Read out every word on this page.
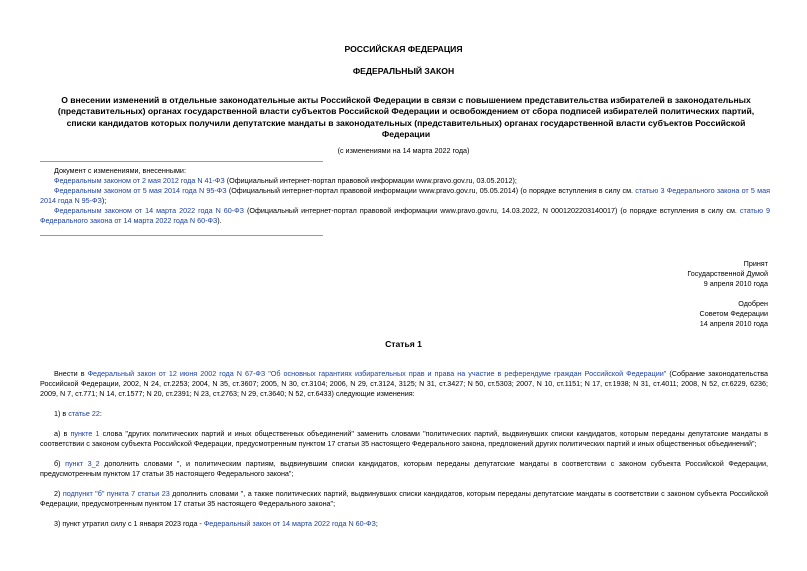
РОССИЙСКАЯ ФЕДЕРАЦИЯ
ФЕДЕРАЛЬНЫЙ ЗАКОН
О внесении изменений в отдельные законодательные акты Российской Федерации в связи с повышением представительства избирателей в законодательных (представительных) органах государственной власти субъектов Российской Федерации и освобождением от сбора подписей избирателей политических партий, списки кандидатов которых получили депутатские мандаты в законодательных (представительных) органах государственной власти субъектов Российской Федерации
(с изменениями на 14 марта 2022 года)

Документ с изменениями, внесенными:

Федеральным законом от 2 мая 2012 года N 41-ФЗ (Официальный интернет-портал правовой информации www.pravo.gov.ru, 03.05.2012);

Федеральным законом от 5 мая 2014 года N 95-ФЗ (Официальный интернет-портал правовой информации www.pravo.gov.ru, 05.05.2014) (о порядке вступления в силу см. статью 3 Федерального закона от 5 мая 2014 года N 95-ФЗ);

Федеральным законом от 14 марта 2022 года N 60-ФЗ (Официальный интернет-портал правовой информации www.pravo.gov.ru, 14.03.2022, N 0001202203140017) (о порядке вступления в силу см. статью 9 Федерального закона от 14 марта 2022 года N 60-ФЗ).

Принят
Государственной Думой
9 апреля 2010 года
Одобрен
Советом Федерации
14 апреля 2010 года
Статья 1

Внести в Федеральный закон от 12 июня 2002 года N 67-ФЗ "Об основных гарантиях избирательных прав и права на участие в референдуме граждан Российской Федерации" (Собрание законодательства Российской Федерации, 2002, N 24, ст.2253; 2004, N 35, ст.3607; 2005, N 30, ст.3104; 2006, N 29, ст.3124, 3125; N 31, ст.3427; N 50, ст.5303; 2007, N 10, ст.1151; N 17, ст.1938; N 31, ст.4011; 2008, N 52, ст.6229, 6236; 2009, N 7, ст.771; N 14, ст.1577; N 20, ст.2391; N 23, ст.2763; N 29, ст.3640; N 52, ст.6433) следующие изменения:

1) в статье 22:

а) в пункте 1 слова "других политических партий и иных общественных объединений" заменить словами "политических партий, выдвинувших списки кандидатов, которым переданы депутатские мандаты в соответствии с законом субъекта Российской Федерации, предусмотренным пунктом 17 статьи 35 настоящего Федерального закона, предложений других политических партий и иных общественных объединений";

б) пункт 3_2 дополнить словами ", и политическим партиям, выдвинувшим списки кандидатов, которым переданы депутатские мандаты в соответствии с законом субъекта Российской Федерации, предусмотренным пунктом 17 статьи 35 настоящего Федерального закона";

2) подпункт "б" пункта 7 статьи 23 дополнить словами ", а также политических партий, выдвинувших списки кандидатов, которым переданы депутатские мандаты в соответствии с законом субъекта Российской Федерации, предусмотренным пунктом 17 статьи 35 настоящего Федерального закона";

3) пункт утратил силу с 1 января 2023 года - Федеральный закон от 14 марта 2022 года N 60-ФЗ;
